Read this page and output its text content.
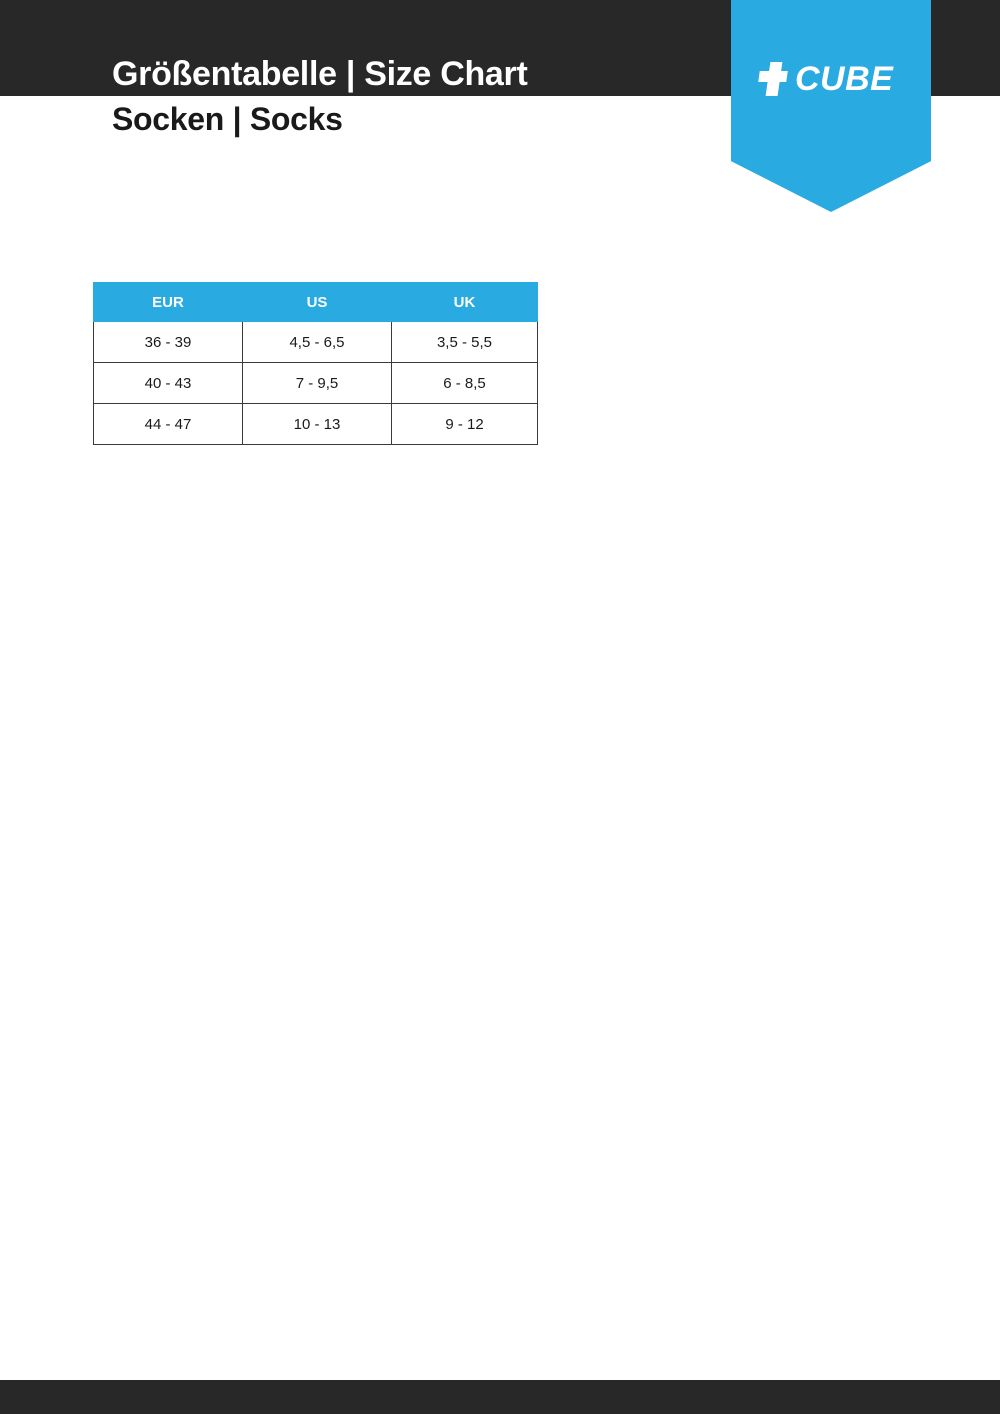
Größentabelle | Size Chart
Socken | Socks
CUBE
EUR	US	UK
36 - 39	4,5 - 6,5	3,5 - 5,5
40 - 43	7 - 9,5	6 - 8,5
44 - 47	10 - 13	9 - 12
